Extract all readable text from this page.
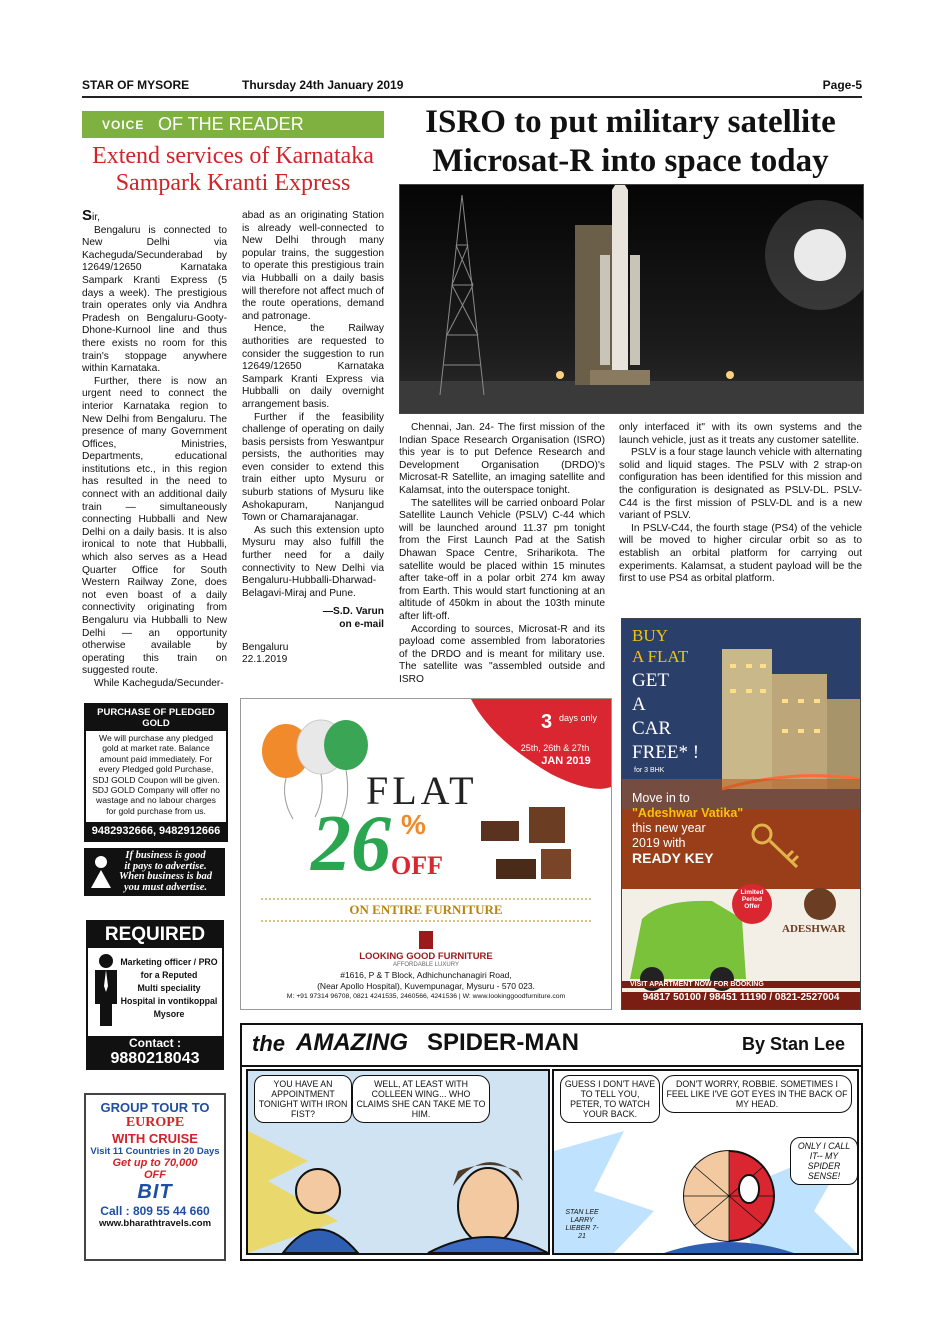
STAR OF MYSORE	Thursday 24th January 2019	Page-5
VOICE OF THE READER
Extend services of Karnataka
Sampark Kranti Express

Sir,

Bengaluru is connected to New Delhi via Kacheguda/Secunderabad by 12649/12650 Karnataka Sampark Kranti Express (5 days a week). The prestigious train operates only via Andhra Pradesh on Bengaluru-Gooty-Dhone-Kurnool line and thus there exists no room for this train's stoppage anywhere within Karnataka.

Further, there is now an urgent need to connect the interior Karnataka region to New Delhi from Bengaluru. The presence of many Government Offices, Ministries, Departments, educational institutions etc., in this region has resulted in the need to connect with an additional daily train — simultaneously connecting Hubballi and New Delhi on a daily basis. It is also ironical to note that Hubballi, which also serves as a Head Quarter Office for South Western Railway Zone, does not even boast of a daily connectivity originating from Bengaluru via Hubballi to New Delhi — an opportunity otherwise available by operating this train on suggested route.

While Kacheguda/Secunder-

abad as an originating Station is already well-connected to New Delhi through many popular trains, the suggestion to operate this prestigious train via Hubballi on a daily basis will therefore not affect much of the route operations, demand and patronage.

Hence, the Railway authorities are requested to consider the suggestion to run 12649/12650 Karnataka Sampark Kranti Express via Hubballi on daily overnight arrangement basis.

Further if the feasibility challenge of operating on daily basis persists from Yeswantpur persists, the authorities may even consider to extend this train either upto Mysuru or suburb stations of Mysuru like Ashokapuram, Nanjangud Town or Chamarajanagar.

As such this extension upto Mysuru may also fulfill the further need for a daily connectivity to New Delhi via Bengaluru-Hubballi-Dharwad-Belagavi-Miraj and Pune.

—S.D. Varun
on e-mail
Bengaluru
22.1.2019
ISRO to put military satellite
Microsat-R into space today

Chennai, Jan. 24- The first mission of the Indian Space Research Organisation (ISRO) this year is to put Defence Research and Development Organisation (DRDO)'s Microsat-R Satellite, an imaging satellite and Kalamsat, into the outerspace tonight.

The satellites will be carried onboard Polar Satellite Launch Vehicle (PSLV) C-44 which will be launched around 11.37 pm tonight from the First Launch Pad at the Satish Dhawan Space Centre, Sriharikota. The satellite would be placed within 15 minutes after take-off in a polar orbit 274 km away from Earth. This would start functioning at an altitude of 450km in about the 103th minute after lift-off.

According to sources, Microsat-R and its payload come assembled from laboratories of the DRDO and is meant for military use. The satellite was "assembled outside and ISRO

only interfaced it" with its own systems and the launch vehicle, just as it treats any customer satellite.

PSLV is a four stage launch vehicle with alternating solid and liquid stages. The PSLV with 2 strap-on configuration has been identified for this mission and the configuration is designated as PSLV-DL. PSLV-C44 is the first mission of PSLV-DL and is a new variant of PSLV.

In PSLV-C44, the fourth stage (PS4) of the vehicle will be moved to higher circular orbit so as to establish an orbital platform for carrying out experiments. Kalamsat, a student payload will be the first to use PS4 as orbital platform.

PURCHASE OF PLEDGED GOLD
We will purchase any pledged gold at market rate. Balance amount paid immediately. For every Pledged gold Purchase, SDJ GOLD Coupon will be given. SDJ GOLD Company will offer no wastage and no labour charges for gold purchase from us.
9482932666, 9482912666
If business is good
it pays to advertise.
When business is bad
you must advertise.
REQUIRED
Marketing officer / PRO
for a Reputed
Multi speciality
Hospital in vontikoppal
Mysore
Contact :
9880218043
GROUP TOUR TO
EUROPE
WITH CRUISE
Visit 11 Countries in 20 Days
Get up to 70,000
OFF
BIT
Call : 809 55 44 660
www.bharathtravels.com
3 days only
25th, 26th & 27th
JAN 2019
FLAT
26 %
OFF
ON ENTIRE FURNITURE
LOOKING GOOD FURNITURE
AFFORDABLE LUXURY
#1616, P & T Block, Adhichunchanagiri Road,
(Near Apollo Hospital), Kuvempunagar, Mysuru - 570 023.
M: +91 97314 96708, 0821 4241535, 2460566, 4241536 | W: www.lookinggoodfurniture.com
BUY
A FLAT
GET
A
CAR
FREE* !
for 3 BHK
Move in to
"Adeshwar Vatika"
this new year
2019 with
READY KEY
Limited Period Offer
ADESHWAR
VISIT APARTMENT NOW FOR BOOKING
94817 50100 / 98451 11190 / 0821-2527004
the AMAZING SPIDER-MAN	By Stan Lee
YOU HAVE AN APPOINTMENT TONIGHT WITH IRON FIST?
WELL, AT LEAST WITH COLLEEN WING... WHO CLAIMS SHE CAN TAKE ME TO HIM.
GUESS I DON'T HAVE TO TELL YOU, PETER, TO WATCH YOUR BACK.
DON'T WORRY, ROBBIE. SOMETIMES I FEEL LIKE I'VE GOT EYES IN THE BACK OF MY HEAD.
ONLY I CALL IT-- MY SPIDER SENSE!
STAN LEE LARRY LIEBER 7-21
